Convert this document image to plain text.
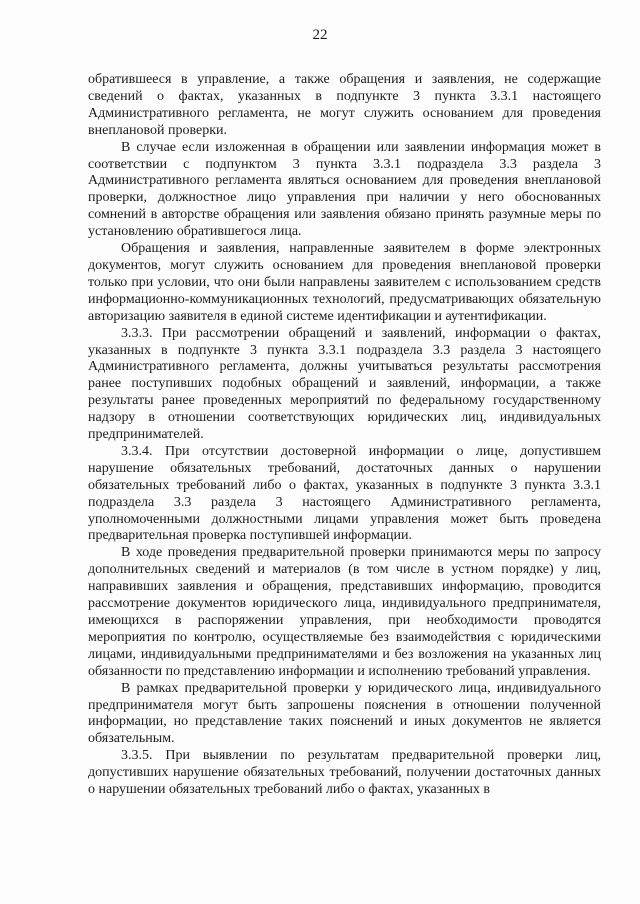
22

обратившееся в управление, а также обращения и заявления, не содержащие сведений о фактах, указанных в подпункте 3 пункта 3.3.1 настоящего Административного регламента, не могут служить основанием для проведения внеплановой проверки.

В случае если изложенная в обращении или заявлении информация может в соответствии с подпунктом 3 пункта 3.3.1 подраздела 3.3 раздела 3 Административного регламента являться основанием для проведения внеплановой проверки, должностное лицо управления при наличии у него обоснованных сомнений в авторстве обращения или заявления обязано принять разумные меры по установлению обратившегося лица.

Обращения и заявления, направленные заявителем в форме электронных документов, могут служить основанием для проведения внеплановой проверки только при условии, что они были направлены заявителем с использованием средств информационно-коммуникационных технологий, предусматривающих обязательную авторизацию заявителя в единой системе идентификации и аутентификации.

3.3.3. При рассмотрении обращений и заявлений, информации о фактах, указанных в подпункте 3 пункта 3.3.1 подраздела 3.3 раздела 3 настоящего Административного регламента, должны учитываться результаты рассмотрения ранее поступивших подобных обращений и заявлений, информации, а также результаты ранее проведенных мероприятий по федеральному государственному надзору в отношении соответствующих юридических лиц, индивидуальных предпринимателей.

3.3.4. При отсутствии достоверной информации о лице, допустившем нарушение обязательных требований, достаточных данных о нарушении обязательных требований либо о фактах, указанных в подпункте 3 пункта 3.3.1 подраздела 3.3 раздела 3 настоящего Административного регламента, уполномоченными должностными лицами управления может быть проведена предварительная проверка поступившей информации.

В ходе проведения предварительной проверки принимаются меры по запросу дополнительных сведений и материалов (в том числе в устном порядке) у лиц, направивших заявления и обращения, представивших информацию, проводится рассмотрение документов юридического лица, индивидуального предпринимателя, имеющихся в распоряжении управления, при необходимости проводятся мероприятия по контролю, осуществляемые без взаимодействия с юридическими лицами, индивидуальными предпринимателями и без возложения на указанных лиц обязанности по представлению информации и исполнению требований управления.

В рамках предварительной проверки у юридического лица, индивидуального предпринимателя могут быть запрошены пояснения в отношении полученной информации, но представление таких пояснений и иных документов не является обязательным.

3.3.5. При выявлении по результатам предварительной проверки лиц, допустивших нарушение обязательных требований, получении достаточных данных о нарушении обязательных требований либо о фактах, указанных в
